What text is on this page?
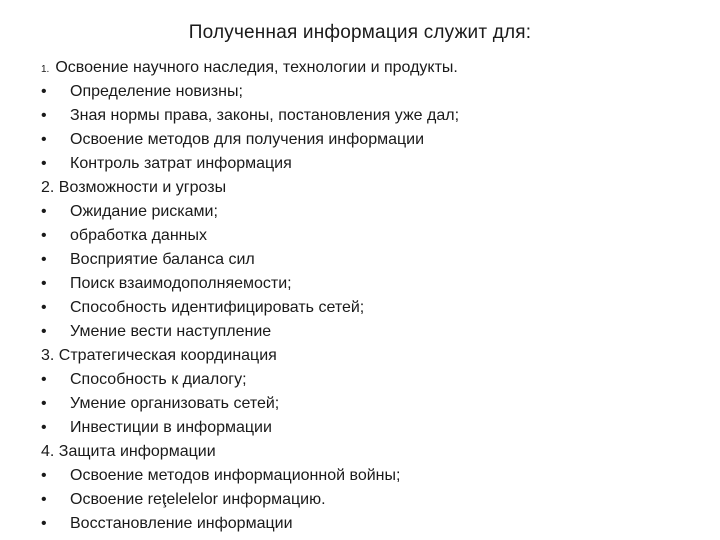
Полученная информация служит для:
1. Освоение научного наследия, технологии и продукты.
• Определение новизны;
• Зная нормы права, законы, постановления уже дал;
• Освоение методов для получения информации
• Контроль затрат информация
2. Возможности и угрозы
• Ожидание рисками;
• обработка данных
• Восприятие баланса сил
• Поиск взаимодополняемости;
• Способность идентифицировать сетей;
• Умение вести наступление
3. Стратегическая координация
• Способность к диалогу;
• Умение организовать сетей;
• Инвестиции в информации
4. Защита информации
• Освоение методов информационной войны;
• Освоение reţelelelor информацию.
• Восстановление информации
